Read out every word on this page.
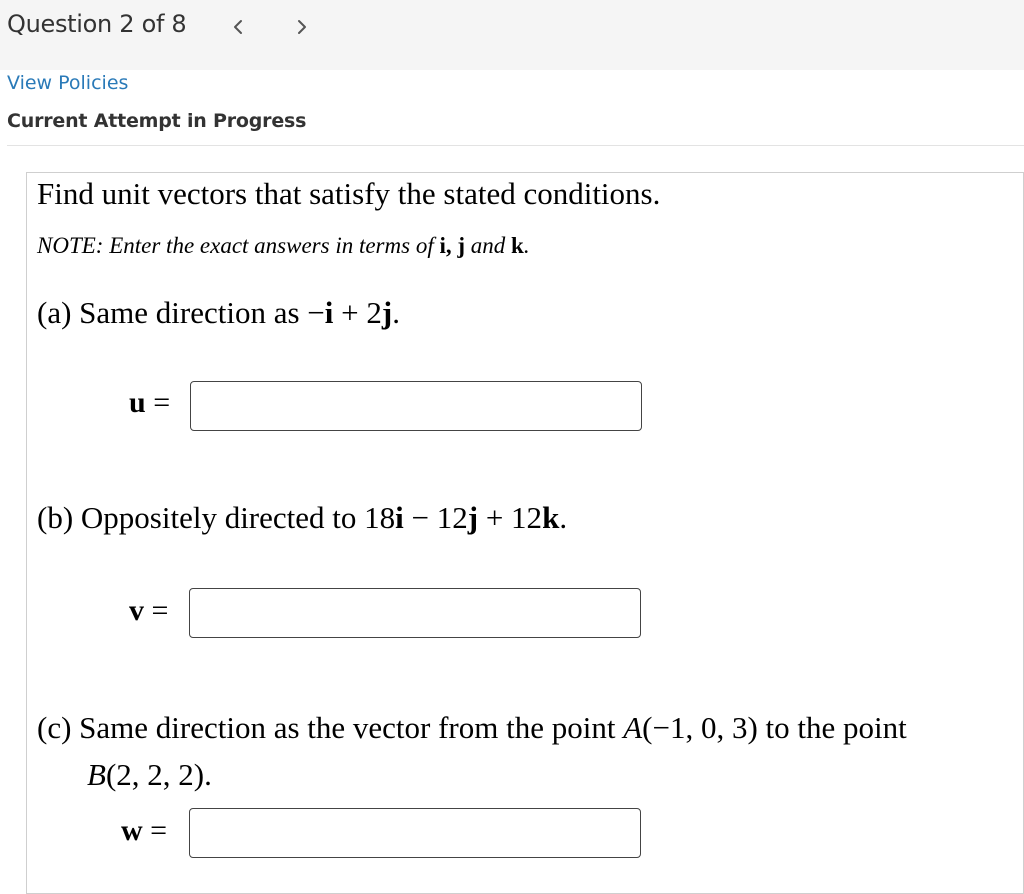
Question 2 of 8
View Policies
Current Attempt in Progress
Find unit vectors that satisfy the stated conditions.
NOTE: Enter the exact answers in terms of i, j and k.
(a) Same direction as −i + 2j.
u =
(b) Oppositely directed to 18i − 12j + 12k.
v =
(c) Same direction as the vector from the point A(−1, 0, 3) to the point
B(2, 2, 2).
w =
